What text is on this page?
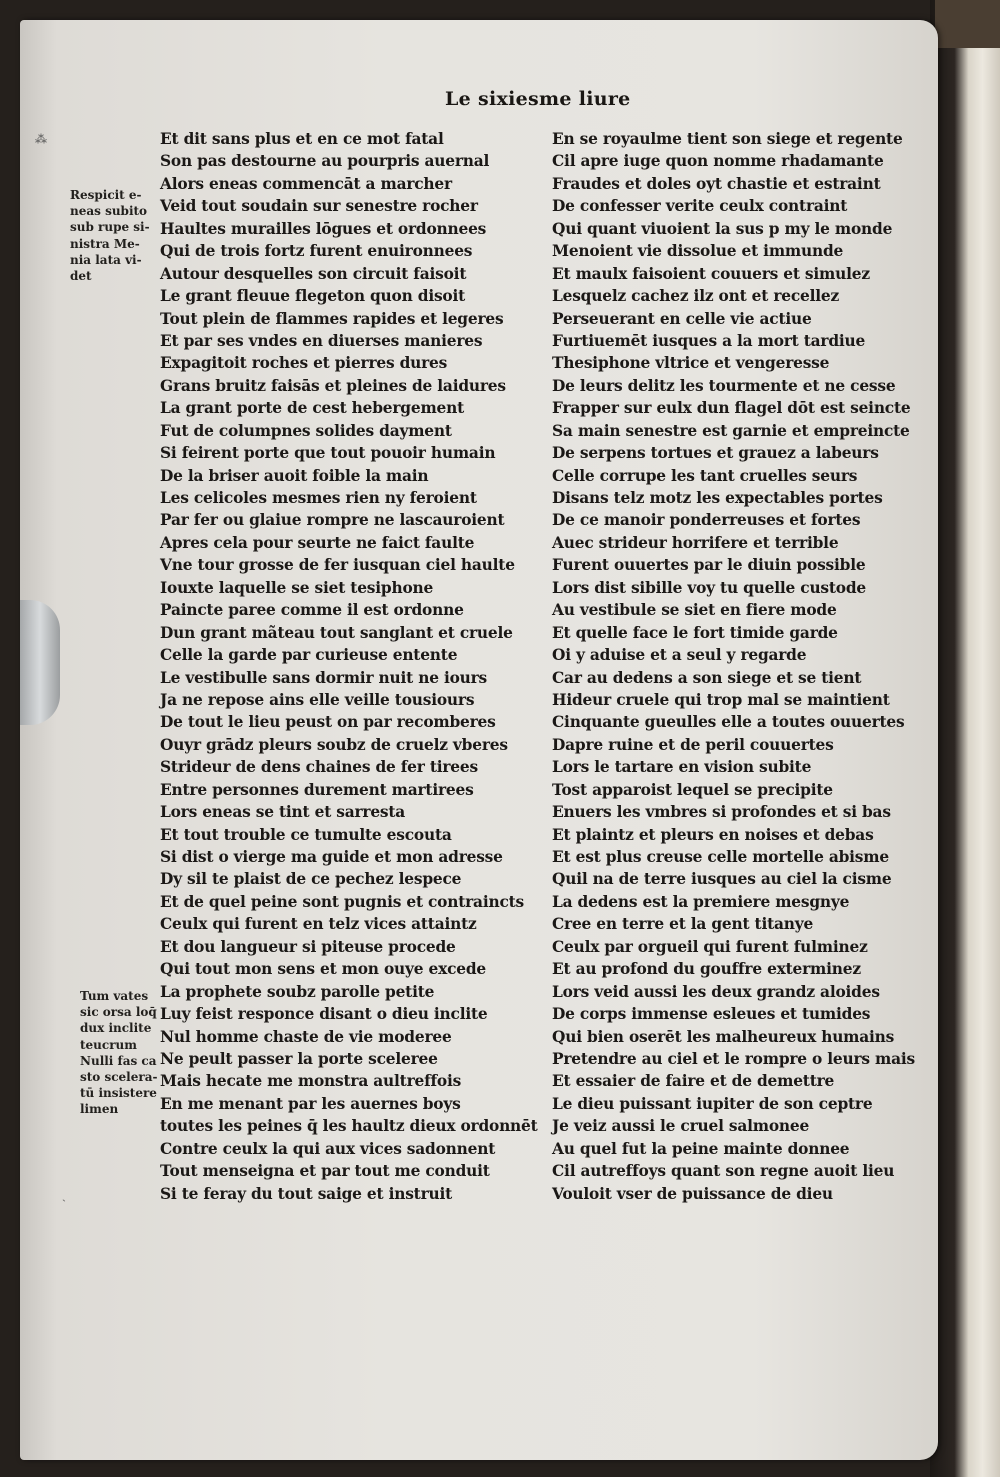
⁂
ˏ
Le sixiesme liure
Respicit e-
neas subito
sub rupe si-
nistra Me-
nia lata vi-
det
Tum vates
sic orsa loq̄
dux inclite
teucrum
Nulli fas ca
sto scelera-
tū insistere
limen
Et dit sans plus et en ce mot fatal
Son pas destourne au pourpris auernal
Alors eneas commencāt a marcher
Veid tout soudain sur senestre rocher
Haultes murailles lōgues et ordonnees
Qui de trois fortz furent enuironnees
Autour desquelles son circuit faisoit
Le grant fleuue flegeton quon disoit
Tout plein de flammes rapides et legeres
Et par ses vndes en diuerses manieres
Expagitoit roches et pierres dures
Grans bruitz faisās et pleines de laidures
La grant porte de cest hebergement
Fut de columpnes solides dayment
Si feirent porte que tout pouoir humain
De la briser auoit foible la main
Les celicoles mesmes rien ny feroient
Par fer ou glaiue rompre ne lascauroient
Apres cela pour seurte ne faict faulte
Vne tour grosse de fer iusquan ciel haulte
Iouxte laquelle se siet tesiphone
Paincte paree comme il est ordonne
Dun grant mãteau tout sanglant et cruele
Celle la garde par curieuse entente
Le vestibulle sans dormir nuit ne iours
Ja ne repose ains elle veille tousiours
De tout le lieu peust on par recomberes
Ouyr grādz pleurs soubz de cruelz vberes
Strideur de dens chaines de fer tirees
Entre personnes durement martirees
Lors eneas se tint et sarresta
Et tout trouble ce tumulte escouta
Si dist o vierge ma guide et mon adresse
Dy sil te plaist de ce pechez lespece
Et de quel peine sont pugnis et contraincts
Ceulx qui furent en telz vices attaintz
Et dou langueur si piteuse procede
Qui tout mon sens et mon ouye excede
La prophete soubz parolle petite
Luy feist responce disant o dieu inclite
Nul homme chaste de vie moderee
Ne peult passer la porte sceleree
Mais hecate me monstra aultreffois
En me menant par les auernes boys
toutes les peines q̄ les haultz dieux ordonnēt
Contre ceulx la qui aux vices sadonnent
Tout menseigna et par tout me conduit
Si te feray du tout saige et instruit
En se royaulme tient son siege et regente
Cil apre iuge quon nomme rhadamante
Fraudes et doles oyt chastie et estraint
De confesser verite ceulx contraint
Qui quant viuoient la sus p my le monde
Menoient vie dissolue et immunde
Et maulx faisoient couuers et simulez
Lesquelz cachez ilz ont et recellez
Perseuerant en celle vie actiue
Furtiuemēt iusques a la mort tardiue
Thesiphone vltrice et vengeresse
De leurs delitz les tourmente et ne cesse
Frapper sur eulx dun flagel dōt est seincte
Sa main senestre est garnie et empreincte
De serpens tortues et grauez a labeurs
Celle corrupe les tant cruelles seurs
Disans telz motz les expectables portes
De ce manoir ponderreuses et fortes
Auec strideur horrifere et terrible
Furent ouuertes par le diuin possible
Lors dist sibille voy tu quelle custode
Au vestibule se siet en fiere mode
Et quelle face le fort timide garde
Oi y aduise et a seul y regarde
Car au dedens a son siege et se tient
Hideur cruele qui trop mal se maintient
Cinquante gueulles elle a toutes ouuertes
Dapre ruine et de peril couuertes
Lors le tartare en vision subite
Tost apparoist lequel se precipite
Enuers les vmbres si profondes et si bas
Et plaintz et pleurs en noises et debas
Et est plus creuse celle mortelle abisme
Quil na de terre iusques au ciel la cisme
La dedens est la premiere mesgnye
Cree en terre et la gent titanye
Ceulx par orgueil qui furent fulminez
Et au profond du gouffre exterminez
Lors veid aussi les deux grandz aloides
De corps immense esleues et tumides
Qui bien oserēt les malheureux humains
Pretendre au ciel et le rompre o leurs mais
Et essaier de faire et de demettre
Le dieu puissant iupiter de son ceptre
Je veiz aussi le cruel salmonee
Au quel fut la peine mainte donnee
Cil autreffoys quant son regne auoit lieu
Vouloit vser de puissance de dieu
